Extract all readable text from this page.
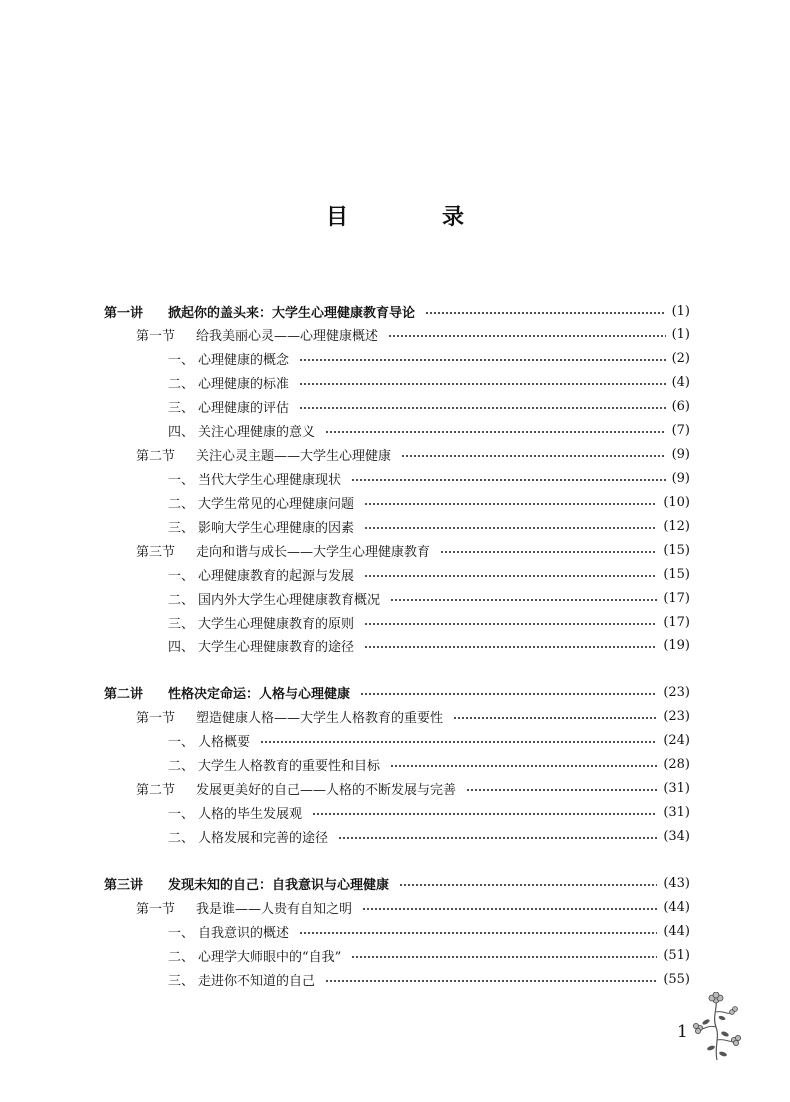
目　录
第一讲	掀起你的盖头来：大学生心理健康教育导论	(1)
第一节	给我美丽心灵——心理健康概述	(1)
一、 心理健康的概念	(2)
二、 心理健康的标准	(4)
三、 心理健康的评估	(6)
四、 关注心理健康的意义	(7)
第二节	关注心灵主题——大学生心理健康	(9)
一、 当代大学生心理健康现状	(9)
二、 大学生常见的心理健康问题	(10)
三、 影响大学生心理健康的因素	(12)
第三节	走向和谐与成长——大学生心理健康教育	(15)
一、 心理健康教育的起源与发展	(15)
二、 国内外大学生心理健康教育概况	(17)
三、 大学生心理健康教育的原则	(17)
四、 大学生心理健康教育的途径	(19)
第二讲	性格决定命运：人格与心理健康	(23)
第一节	塑造健康人格——大学生人格教育的重要性	(23)
一、 人格概要	(24)
二、 大学生人格教育的重要性和目标	(28)
第二节	发展更美好的自己——人格的不断发展与完善	(31)
一、 人格的毕生发展观	(31)
二、 人格发展和完善的途径	(34)
第三讲	发现未知的自己：自我意识与心理健康	(43)
第一节	我是谁——人贵有自知之明	(44)
一、 自我意识的概述	(44)
二、 心理学大师眼中的“自我”	(51)
三、 走进你不知道的自己	(55)
1
